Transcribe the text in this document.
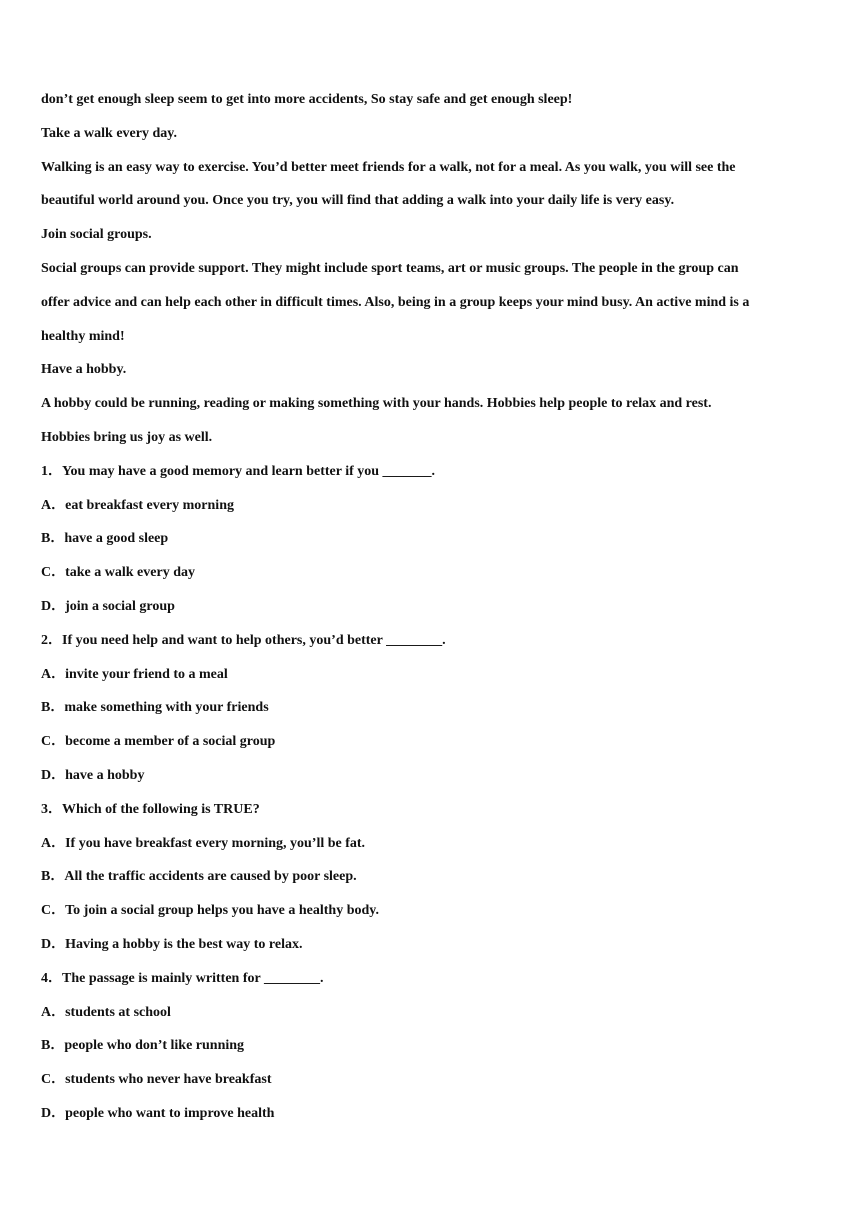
don’t get enough sleep seem to get into more accidents, So stay safe and get enough sleep!
Take a walk every day.
Walking is an easy way to exercise. You’d better meet friends for a walk, not for a meal. As you walk, you will see the
beautiful world around you. Once you try, you will find that adding a walk into your daily life is very easy.
Join social groups.
Social groups can provide support. They might include sport teams, art or music groups. The people in the group can
offer advice and can help each other in difficult times. Also, being in a group keeps your mind busy. An active mind is a
healthy mind!
Have a hobby.
A hobby could be running, reading or making something with your hands. Hobbies help people to relax and rest.
Hobbies bring us joy as well.
1．You may have a good memory and learn better if you _______.
A．eat breakfast every morning
B．have a good sleep
C．take a walk every day
D．join a social group
2．If you need help and want to help others, you’d better ________.
A．invite your friend to a meal
B．make something with your friends
C．become a member of a social group
D．have a hobby
3．Which of the following is TRUE?
A．If you have breakfast every morning, you’ll be fat.
B．All the traffic accidents are caused by poor sleep.
C．To join a social group helps you have a healthy body.
D．Having a hobby is the best way to relax.
4．The passage is mainly written for ________.
A．students at school
B．people who don’t like running
C．students who never have breakfast
D．people who want to improve health
